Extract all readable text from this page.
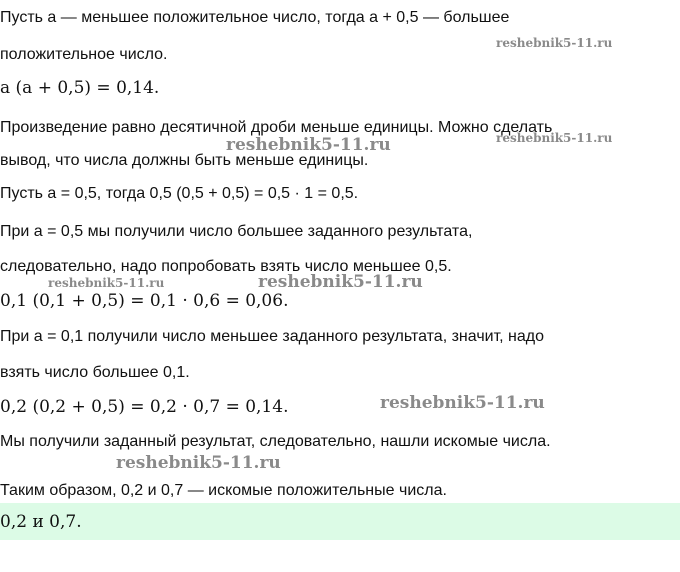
Пусть a — меньшее положительное число, тогда a + 0,5 — большее
положительное число.
a (a + 0,5) = 0,14.
Произведение равно десятичной дроби меньше единицы. Можно сделать
вывод, что числа должны быть меньше единицы.
Пусть a = 0,5, тогда 0,5 (0,5 + 0,5) = 0,5 · 1 = 0,5.
При a = 0,5 мы получили число большее заданного результата,
следовательно, надо попробовать взять число меньшее 0,5.
0,1 (0,1 + 0,5) = 0,1 · 0,6 = 0,06.
При a = 0,1 получили число меньшее заданного результата, значит, надо
взять число большее 0,1.
0,2 (0,2 + 0,5) = 0,2 · 0,7 = 0,14.
Мы получили заданный результат, следовательно, нашли искомые числа.
Таким образом, 0,2 и 0,7 — искомые положительные числа.
0,2 и 0,7.
reshebnik5-11.ru
reshebnik5-11.ru
reshebnik5-11.ru
reshebnik5-11.ru	reshebnik5-11.ru
reshebnik5-11.ru
reshebnik5-11.ru
